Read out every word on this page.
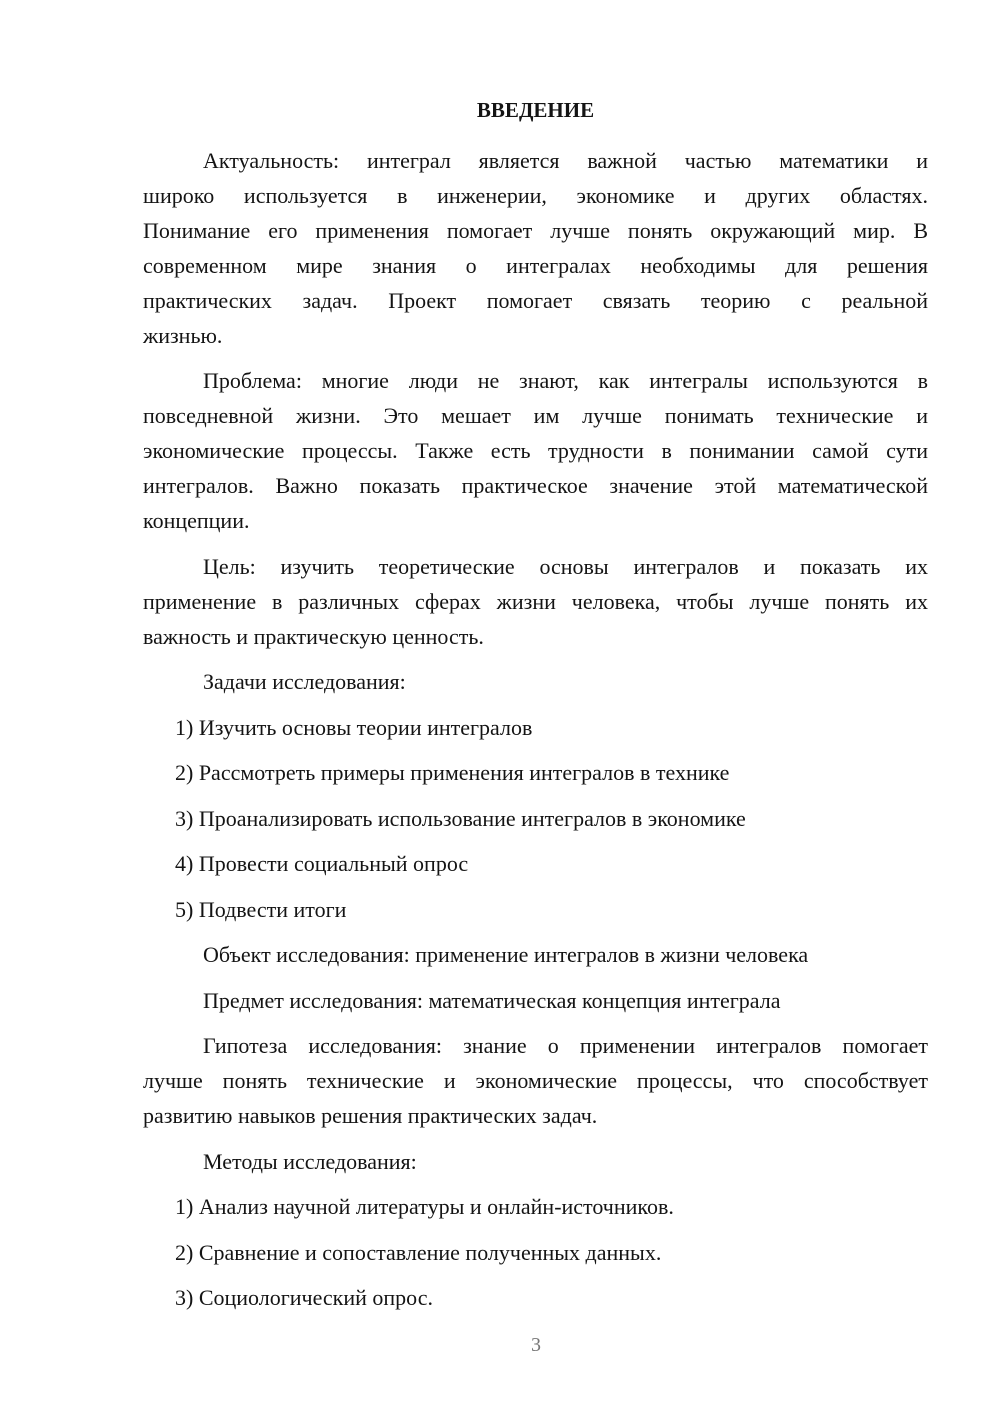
ВВЕДЕНИЕ
Актуальность: интеграл является важной частью математики и
широко используется в инженерии, экономике и других областях.
Понимание его применения помогает лучше понять окружающий мир. В
современном мире знания о интегралах необходимы для решения
практических задач. Проект помогает связать теорию с реальной
жизнью.
Проблема: многие люди не знают, как интегралы используются в
повседневной жизни. Это мешает им лучше понимать технические и
экономические процессы. Также есть трудности в понимании самой сути
интегралов. Важно показать практическое значение этой математической
концепции.
Цель: изучить теоретические основы интегралов и показать их
применение в различных сферах жизни человека, чтобы лучше понять их
важность и практическую ценность.
Задачи исследования:
1) Изучить основы теории интегралов
2) Рассмотреть примеры применения интегралов в технике
3) Проанализировать использование интегралов в экономике
4) Провести социальный опрос
5) Подвести итоги
Объект исследования: применение интегралов в жизни человека
Предмет исследования: математическая концепция интеграла
Гипотеза исследования: знание о применении интегралов помогает
лучше понять технические и экономические процессы, что способствует
развитию навыков решения практических задач.
Методы исследования:
1) Анализ научной литературы и онлайн-источников.
2) Сравнение и сопоставление полученных данных.
3) Социологический опрос.
3
